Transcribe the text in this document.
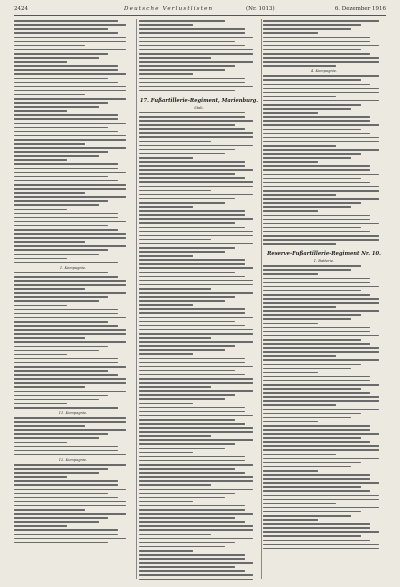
2424	Deutsche Verlustlisten	(Nr. 1013)	6. Dezember 1916
1. Kompagnie.
11. Kompagnie.
12. Kompagnie.
17. Fußartillerie-Regiment, Marienburg.
Stab.
4. Kompagnie.
Reserve-Fußartillerie-Regiment Nr. 10.
1. Batterie.
